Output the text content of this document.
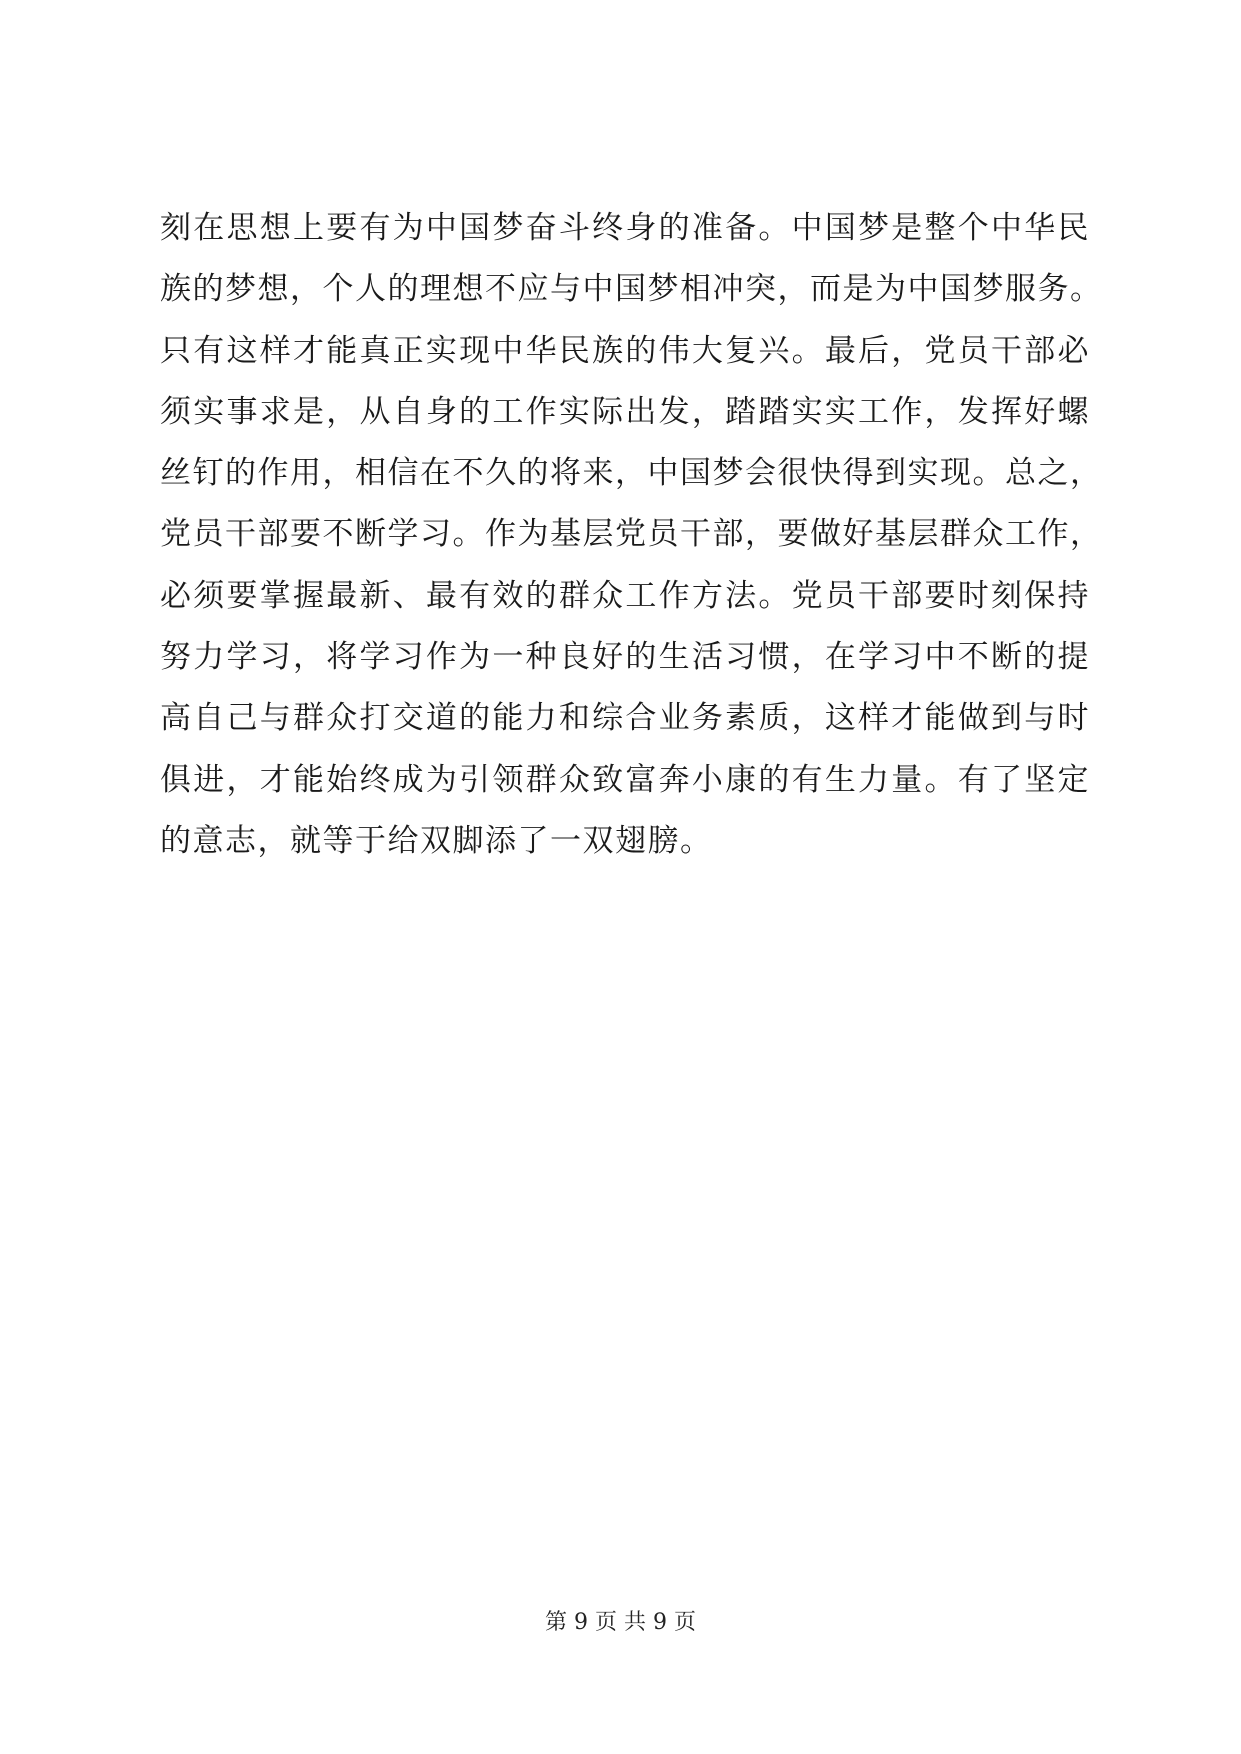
刻在思想上要有为中国梦奋斗终身的准备。中国梦是整个中华民
族的梦想，个人的理想不应与中国梦相冲突，而是为中国梦服务。
只有这样才能真正实现中华民族的伟大复兴。最后，党员干部必
须实事求是，从自身的工作实际出发，踏踏实实工作，发挥好螺
丝钉的作用，相信在不久的将来，中国梦会很快得到实现。总之，
党员干部要不断学习。作为基层党员干部，要做好基层群众工作，
必须要掌握最新、最有效的群众工作方法。党员干部要时刻保持
努力学习，将学习作为一种良好的生活习惯，在学习中不断的提
高自己与群众打交道的能力和综合业务素质，这样才能做到与时
俱进，才能始终成为引领群众致富奔小康的有生力量。有了坚定
的意志，就等于给双脚添了一双翅膀。
第 9 页 共 9 页
